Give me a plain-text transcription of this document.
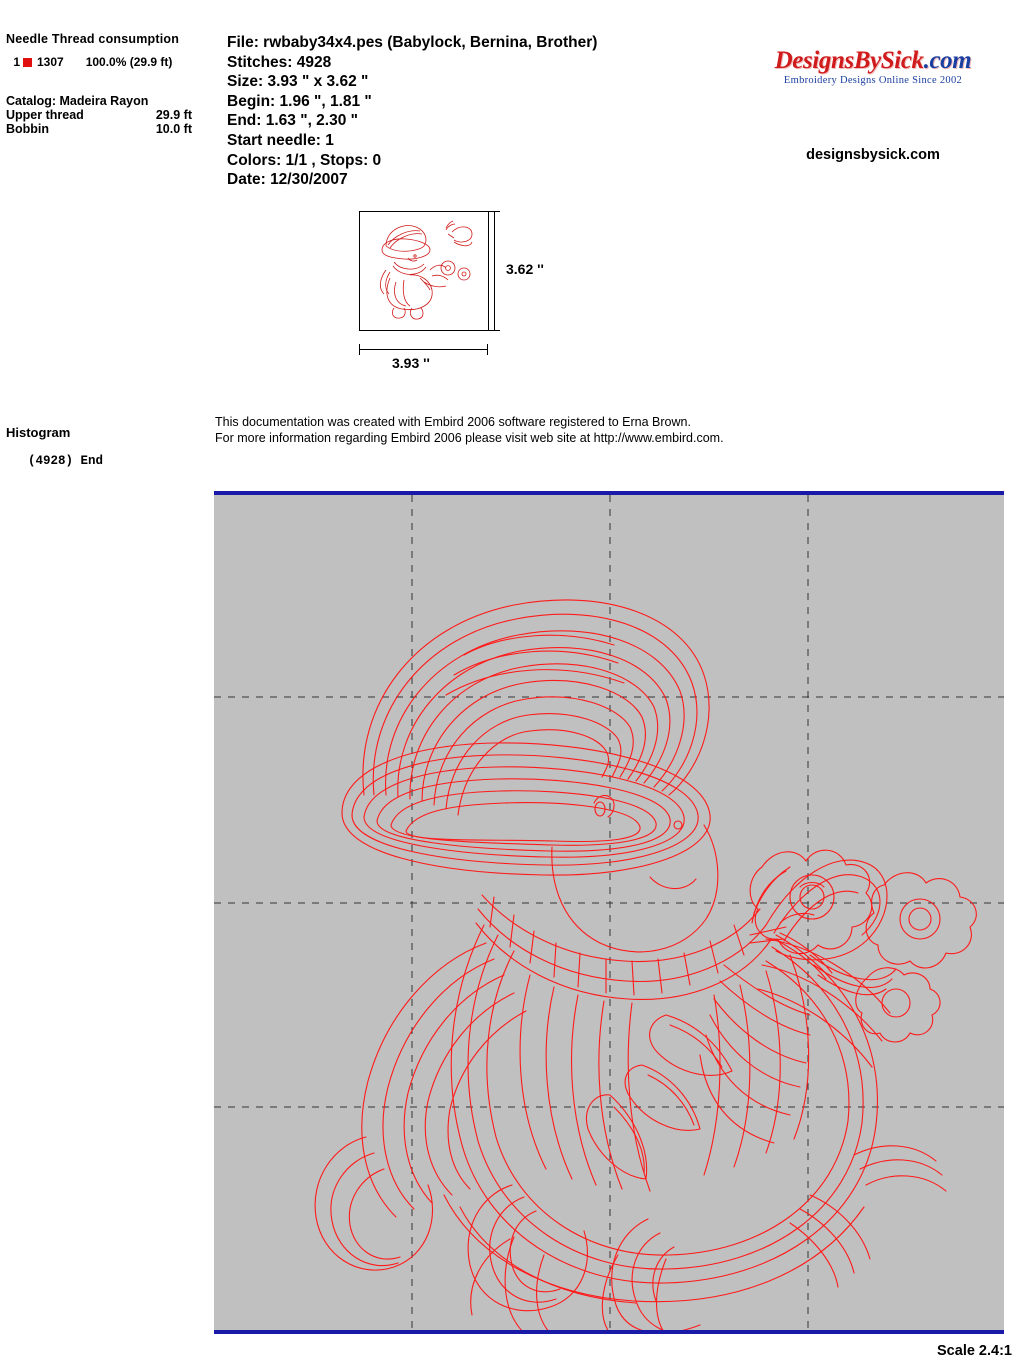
Needle Thread consumption
1 1307 100.0% (29.9 ft)
Catalog: Madeira Rayon
Upper thread	29.9 ft
Bobbin	10.0 ft
File: rwbaby34x4.pes (Babylock, Bernina, Brother)
Stitches: 4928
Size: 3.93 " x 3.62 "
Begin: 1.96 ", 1.81 "
End: 1.63 ", 2.30 "
Start needle: 1
Colors: 1/1 , Stops: 0
Date: 12/30/2007
DesignsBySick.com
Embroidery Designs Online Since 2002
designsbysick.com
3.62 ''
3.93 ''
This documentation was created with Embird 2006 software registered to Erna Brown.
For more information regarding Embird 2006 please visit web site at http://www.embird.com.
Histogram
(4928) End
Scale 2.4:1
